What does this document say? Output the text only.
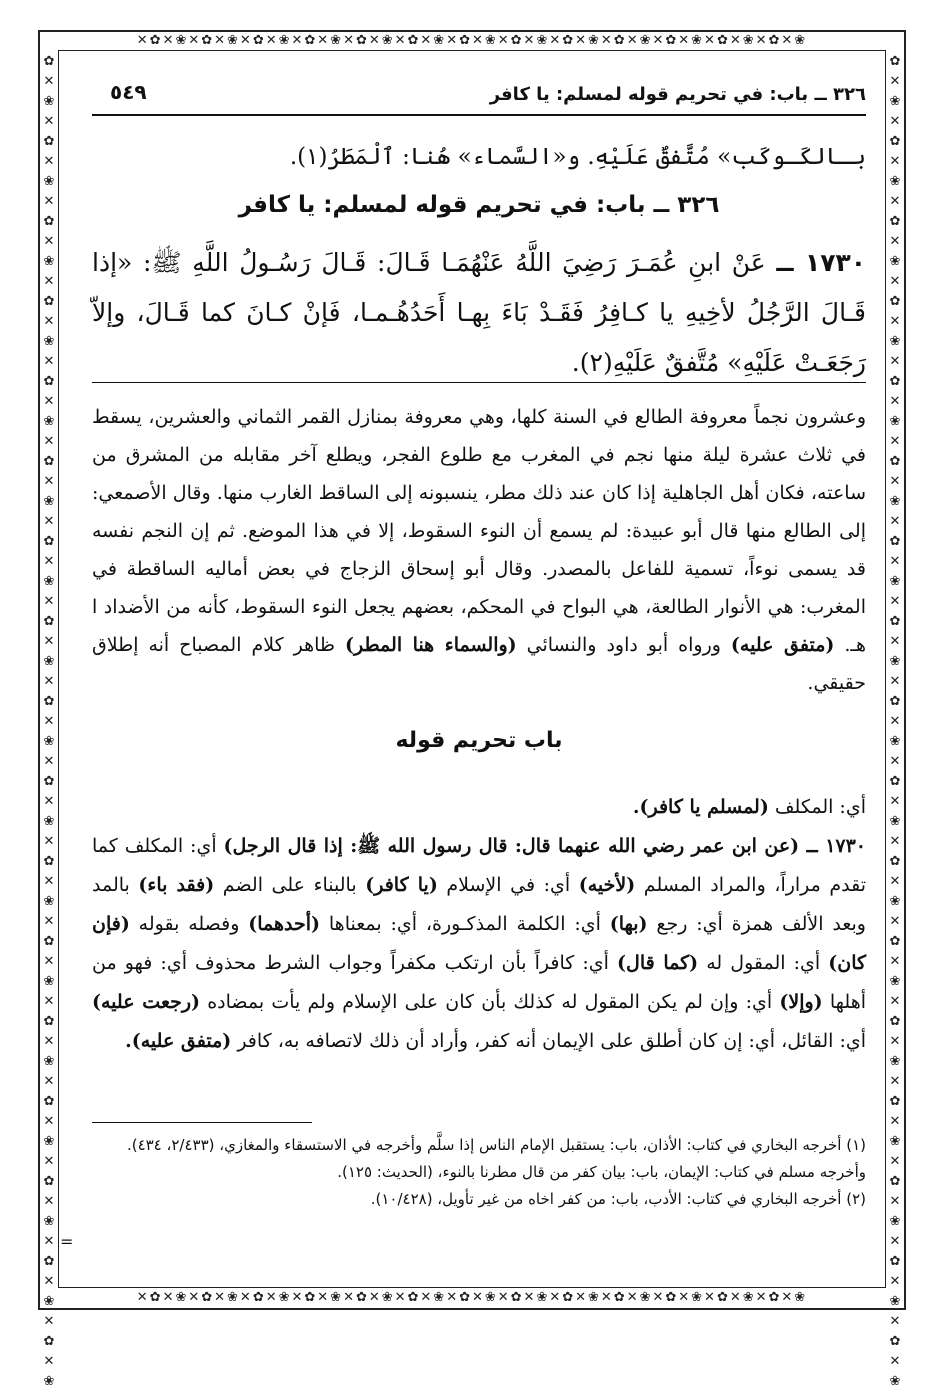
✕✿✕❀✕✿✕❀✕✿✕❀✕✿✕❀✕✿✕❀✕✿✕❀✕✿✕❀✕✿✕❀✕✿✕❀✕✿✕❀✕✿✕❀✕✿✕❀✕✿✕❀
✕✿✕❀✕✿✕❀✕✿✕❀✕✿✕❀✕✿✕❀✕✿✕❀✕✿✕❀✕✿✕❀✕✿✕❀✕✿✕❀✕✿✕❀✕✿✕❀✕✿✕❀
✿✕❀✕✿✕❀✕✿✕❀✕✿✕❀✕✿✕❀✕✿✕❀✕✿✕❀✕✿✕❀✕✿✕❀✕✿✕❀✕✿✕❀✕✿✕❀✕✿✕❀✕✿✕❀✕✿✕❀✕✿✕❀✕✿✕❀
✿✕❀✕✿✕❀✕✿✕❀✕✿✕❀✕✿✕❀✕✿✕❀✕✿✕❀✕✿✕❀✕✿✕❀✕✿✕❀✕✿✕❀✕✿✕❀✕✿✕❀✕✿✕❀✕✿✕❀✕✿✕❀✕✿✕❀
٣٢٦ ــ باب: في تحريم قوله لمسلم: يا كافر
٥٤٩
بـالكَـوكَب» مُتَّفقٌ عَلَيْهِ. و«السَّماء» هُنا: ٱلْمَطَرُ(١).
٣٢٦ ــ باب: في تحريم قوله لمسلم: يا كافر
١٧٣٠ ــ عَنْ ابنِ عُمَـرَ رَضِيَ اللَّهُ عَنْهُمَـا قَـالَ: قَـالَ رَسُـولُ اللَّهِ ﷺ: «إذا قَـالَ الرَّجُلُ لأخِيهِ يا كـافِرُ فَقَـدْ بَاءَ بِهـا أَحَدُهُـمـا، فَإنْ كـانَ كما قَـالَ، وإلاّ رَجَعَـتْ عَلَيْهِ» مُتَّفقٌ عَلَيْهِ(٢).
وعشرون نجماً معروفة الطالع في السنة كلها، وهي معروفة بمنازل القمر الثماني والعشرين، يسقط في ثلاث عشرة ليلة منها نجم في المغرب مع طلوع الفجر، ويطلع آخر مقابله من المشرق من ساعته، فكان أهل الجاهلية إذا كان عند ذلك مطر، ينسبونه إلى الساقط الغارب منها. وقال الأصمعي: إلى الطالع منها قال أبو عبيدة: لم يسمع أن النوء السقوط، إلا في هذا الموضع. ثم إن النجم نفسه قد يسمى نوءاً، تسمية للفاعل بالمصدر. وقال أبو إسحاق الزجاج في بعض أماليه الساقطة في المغرب: هي الأنوار الطالعة، هي البواح في المحكم، بعضهم يجعل النوء السقوط، كأنه من الأضداد ا هـ. (متفق عليه) ورواه أبو داود والنسائي (والسماء هنا المطر) ظاهر كلام المصباح أنه إطلاق حقيقي.
باب تحريم قوله

أي: المكلف (لمسلم يا كافر).

١٧٣٠ ــ (عن ابن عمر رضي الله عنهما قال: قال رسول الله ﷺ: إذا قال الرجل) أي: المكلف كما تقدم مراراً، والمراد المسلم (لأخيه) أي: في الإسلام (يا كافر) بالبناء على الضم (فقد باء) بالمد وبعد الألف همزة أي: رجع (بها) أي: الكلمة المذكـورة، أي: بمعناها (أحدهما) وفصله بقوله (فإن كان) أي: المقول له (كما قال) أي: كافراً بأن ارتكب مكفراً وجواب الشرط محذوف أي: فهو من أهلها (وإلا) أي: وإن لم يكن المقول له كذلك بأن كان على الإسلام ولم يأت بمضاده (رجعت عليه) أي: القائل، أي: إن كان أطلق على الإيمان أنه كفر، وأراد أن ذلك لاتصافه به، كافر (متفق عليه).

(١) أخرجه البخاري في كتاب: الأذان، باب: يستقبل الإمام الناس إذا سلَّم وأخرجه في الاستسقاء والمغازي، (٢/٤٣٣، ٤٣٤).

وأخرجه مسلم في كتاب: الإيمان، باب: بيان كفر من قال مطرنا بالنوء، (الحديث: ١٢٥).

(٢) أخرجه البخاري في كتاب: الأدب، باب: من كفر اخاه من غير تأويل، (١٠/٤٢٨).

=
